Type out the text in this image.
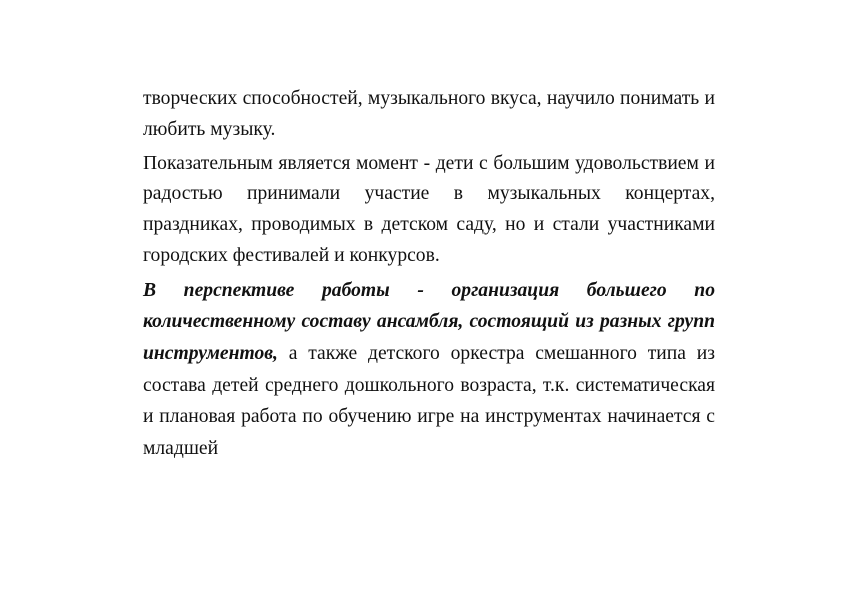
творческих способностей, музыкального вкуса, научило понимать и любить музыку.

Показательным является момент - дети с большим удовольствием и радостью принимали участие в музыкальных концертах, праздниках, проводимых в детском саду, но и стали участниками городских фестивалей и конкурсов.

В перспективе работы - организация большего по количественному составу ансамбля, состоящий из разных групп инструментов, а также детского оркестра смешанного типа из состава детей среднего дошкольного возраста, т.к. систематическая и плановая работа по обучению игре на инструментах начинается с младшей
